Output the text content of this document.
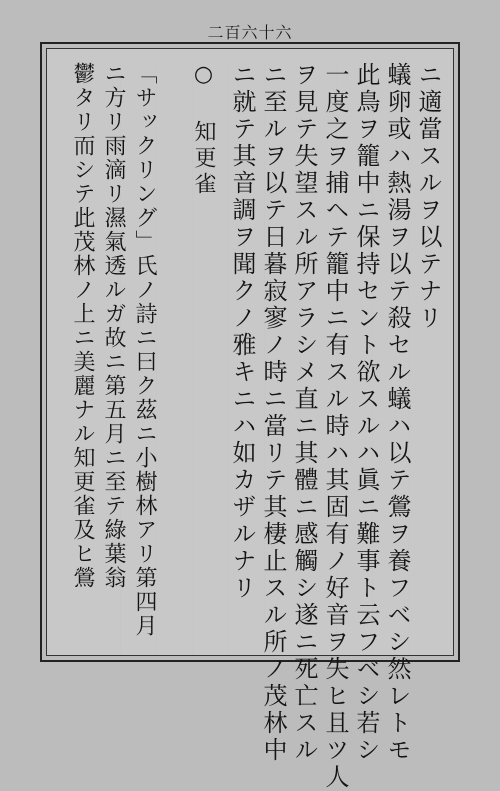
二百六十六
ニ適當スルヲ以テナリ
蟻卵或ハ熱湯ヲ以テ殺セル蟻ハ以テ鶯ヲ養フベシ然レトモ
此鳥ヲ籠中ニ保持セント欲スルハ眞ニ難事ト云フベシ若シ
一度之ヲ捕ヘテ籠中ニ有スル時ハ其固有ノ好音ヲ失ヒ且ツ人
ヲ見テ失望スル所アラシメ直ニ其體ニ感觸シ遂ニ死亡スル
ニ至ルヲ以テ日暮寂寥ノ時ニ當リテ其棲止スル所ノ茂林中
ニ就テ其音調ヲ聞クノ雅キニハ如カザルナリ
○ 知更雀
「サックリング」氏ノ詩ニ曰ク茲ニ小樹林アリ第四月
ニ方リ雨滴リ濕氣透ルガ故ニ第五月ニ至テ綠葉翁
鬱タリ而シテ此茂林ノ上ニ美麗ナル知更雀及ヒ鶯
